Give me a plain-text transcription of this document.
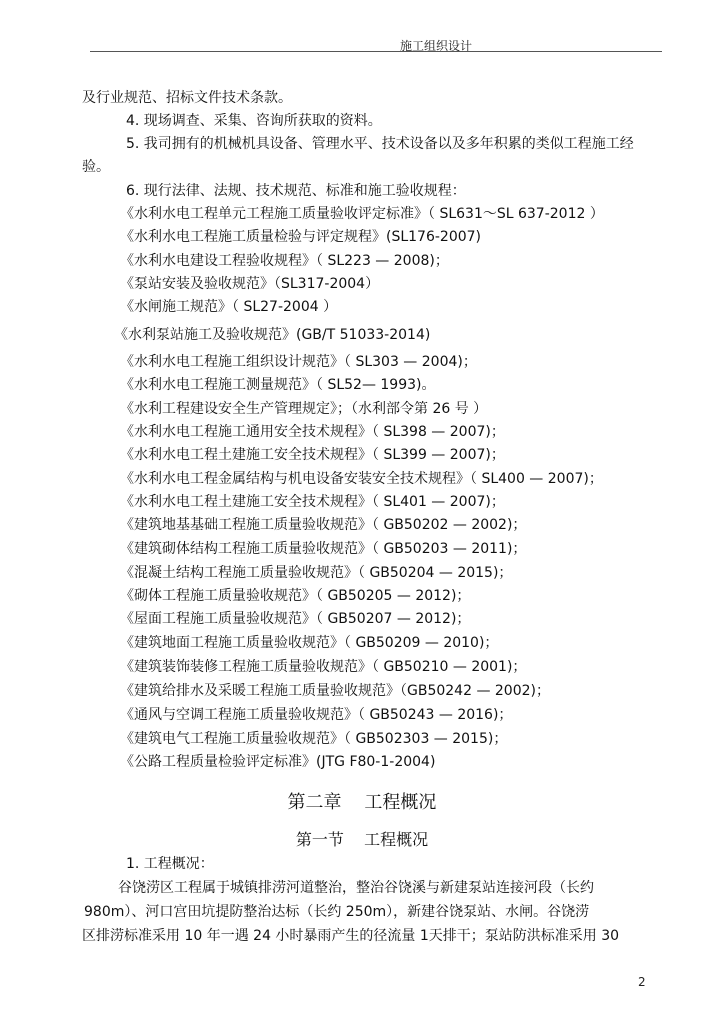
施工组织设计
及行业规范、招标文件技术条款。
4. 现场调查、采集、咨询所获取的资料。
5. 我司拥有的机械机具设备、管理水平、技术设备以及多年积累的类似工程施工经
验。
6. 现行法律、法规、技术规范、标准和施工验收规程：
《水利水电工程单元工程施工质量验收评定标准》（ SL631～SL 637-2012 ）
《水利水电工程施工质量检验与评定规程》(SL176-2007)
《水利水电建设工程验收规程》（ SL223 — 2008)；
《泵站安装及验收规范》（SL317-2004）
《水闸施工规范》（ SL27-2004 ）
《水利泵站施工及验收规范》(GB/T 51033-2014)
《水利水电工程施工组织设计规范》（ SL303 — 2004)；
《水利水电工程施工测量规范》（ SL52— 1993)。
《水利工程建设安全生产管理规定》；（水利部令第 26 号 ）
《水利水电工程施工通用安全技术规程》（ SL398 — 2007)；
《水利水电工程土建施工安全技术规程》（ SL399 — 2007)；
《水利水电工程金属结构与机电设备安装安全技术规程》（ SL400 — 2007)；
《水利水电工程土建施工安全技术规程》（ SL401 — 2007)；
《建筑地基基础工程施工质量验收规范》（ GB50202 — 2002)；
《建筑砌体结构工程施工质量验收规范》（ GB50203 — 2011)；
《混凝土结构工程施工质量验收规范》（ GB50204 — 2015)；
《砌体工程施工质量验收规范》（ GB50205 — 2012)；
《屋面工程施工质量验收规范》（ GB50207 — 2012)；
《建筑地面工程施工质量验收规范》（ GB50209 — 2010)；
《建筑装饰装修工程施工质量验收规范》（ GB50210 — 2001)；
《建筑给排水及采暖工程施工质量验收规范》（GB50242 — 2002)；
《通风与空调工程施工质量验收规范》（ GB50243 — 2016)；
《建筑电气工程施工质量验收规范》（ GB502303 — 2015)；
《公路工程质量检验评定标准》(JTG F80-1-2004)
第二章    工程概况
第一节    工程概况
1. 工程概况：
谷饶涝区工程属于城镇排涝河道整治，整治谷饶溪与新建泵站连接河段（长约
980m）、河口宫田坑提防整治达标（长约 250m），新建谷饶泵站、水闸。谷饶涝
区排涝标准采用 10 年一遇 24 小时暴雨产生的径流量 1天排干；泵站防洪标准采用 30
2
